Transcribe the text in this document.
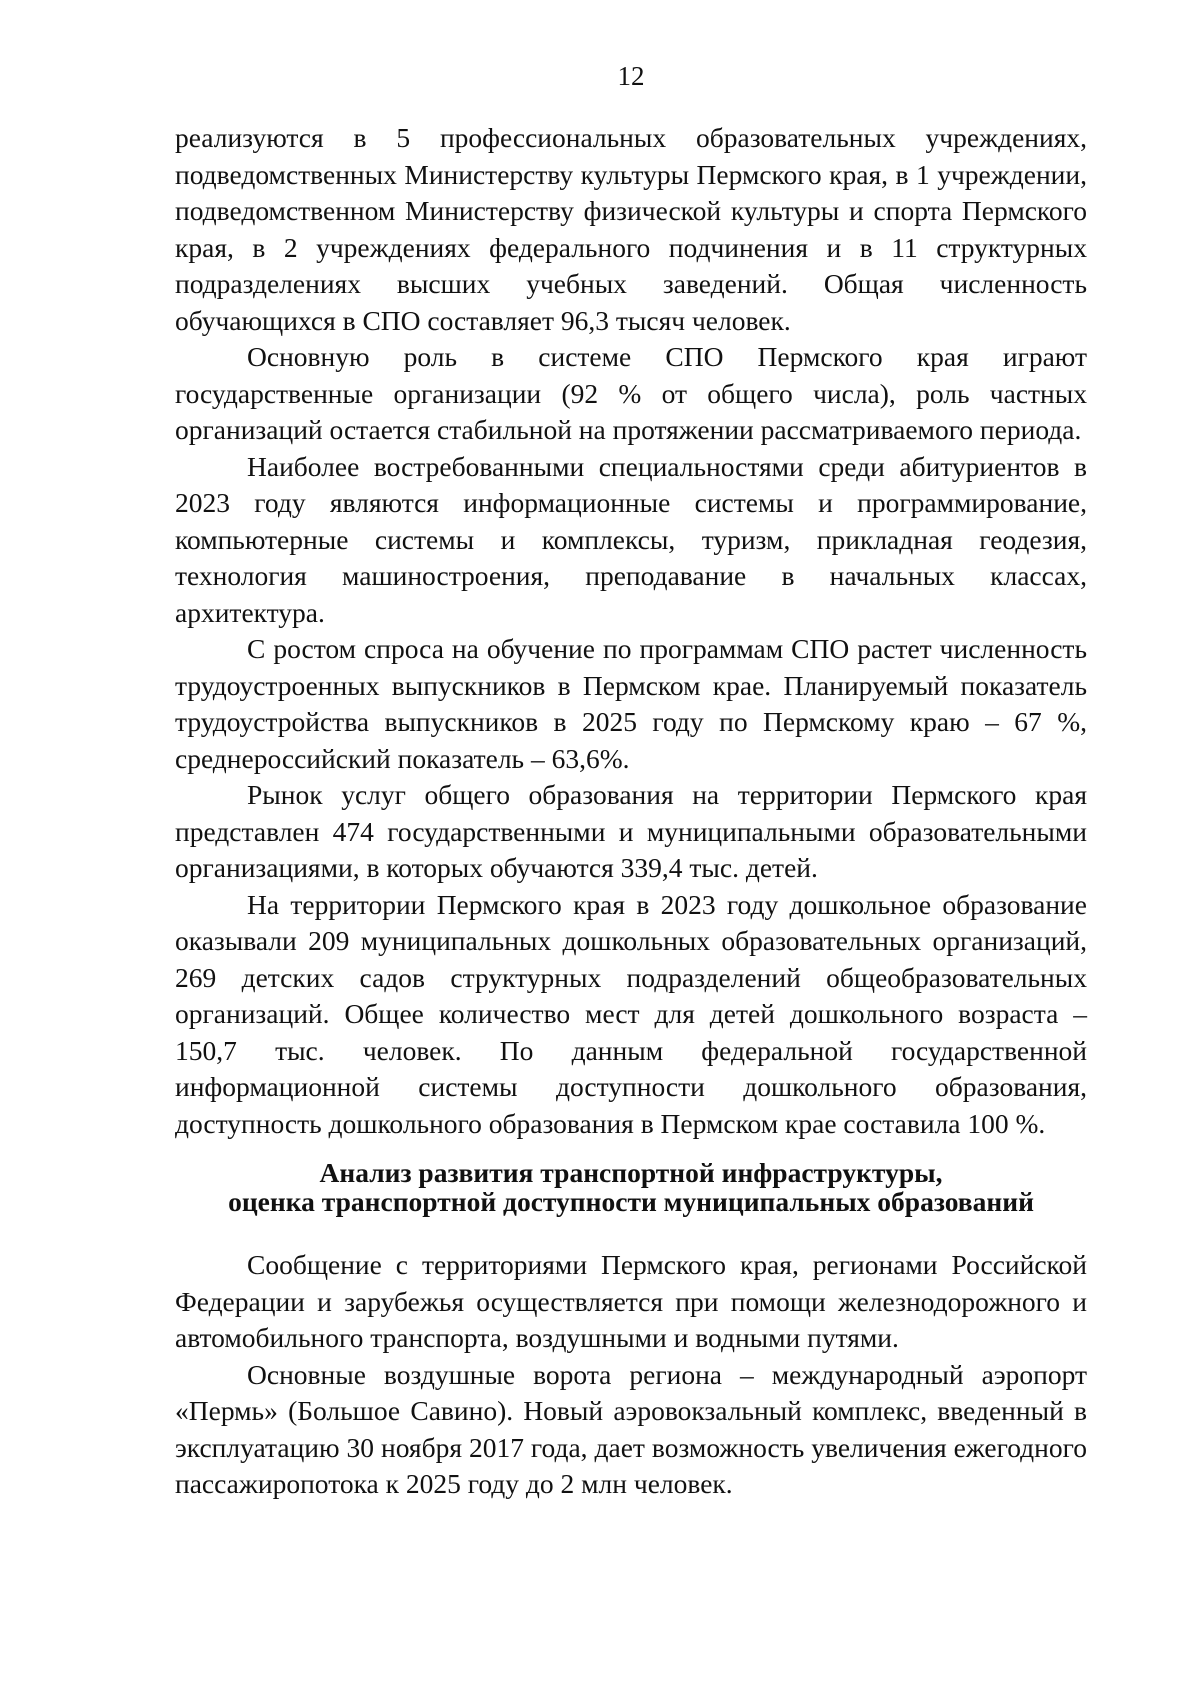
12

реализуются в 5 профессиональных образовательных учреждениях, подведомственных Министерству культуры Пермского края, в 1 учреждении, подведомственном Министерству физической культуры и спорта Пермского края, в 2 учреждениях федерального подчинения и в 11 структурных подразделениях высших учебных заведений. Общая численность обучающихся в СПО составляет 96,3 тысяч человек.

Основную роль в системе СПО Пермского края играют государственные организации (92 % от общего числа), роль частных организаций остается стабильной на протяжении рассматриваемого периода.

Наиболее востребованными специальностями среди абитуриентов в 2023 году являются информационные системы и программирование, компьютерные системы и комплексы, туризм, прикладная геодезия, технология машиностроения, преподавание в начальных классах, архитектура.

С ростом спроса на обучение по программам СПО растет численность трудоустроенных выпускников в Пермском крае. Планируемый показатель трудоустройства выпускников в 2025 году по Пермскому краю – 67 %, среднероссийский показатель – 63,6%.

Рынок услуг общего образования на территории Пермского края представлен 474 государственными и муниципальными образовательными организациями, в которых обучаются 339,4 тыс. детей.

На территории Пермского края в 2023 году дошкольное образование оказывали 209 муниципальных дошкольных образовательных организаций, 269 детских садов структурных подразделений общеобразовательных организаций. Общее количество мест для детей дошкольного возраста – 150,7 тыс. человек. По данным федеральной государственной информационной системы доступности дошкольного образования, доступность дошкольного образования в Пермском крае составила 100 %.

Анализ развития транспортной инфраструктуры,
оценка транспортной доступности муниципальных образований

Сообщение с территориями Пермского края, регионами Российской Федерации и зарубежья осуществляется при помощи железнодорожного и автомобильного транспорта, воздушными и водными путями.

Основные воздушные ворота региона – международный аэропорт «Пермь» (Большое Савино). Новый аэровокзальный комплекс, введенный в эксплуатацию 30 ноября 2017 года, дает возможность увеличения ежегодного пассажиропотока к 2025 году до 2 млн человек.
